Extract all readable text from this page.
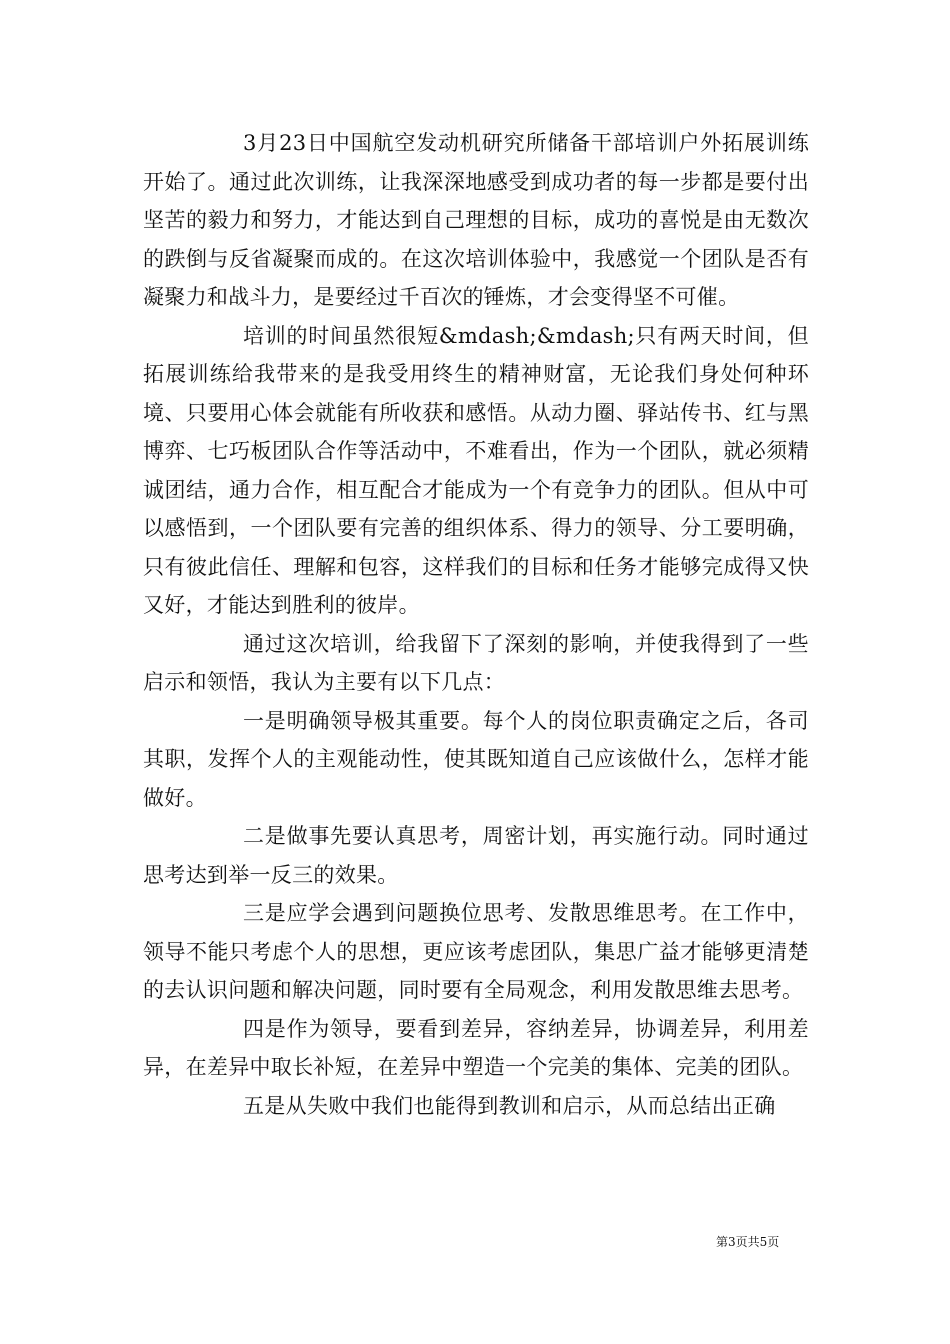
3月23日中国航空发动机研究所储备干部培训户外拓展训练开始了。通过此次训练，让我深深地感受到成功者的每一步都是要付出坚苦的毅力和努力，才能达到自己理想的目标，成功的喜悦是由无数次的跌倒与反省凝聚而成的。在这次培训体验中，我感觉一个团队是否有凝聚力和战斗力，是要经过千百次的锤炼，才会变得坚不可催。

培训的时间虽然很短&mdash;&mdash;只有两天时间，但拓展训练给我带来的是我受用终生的精神财富，无论我们身处何种环境、只要用心体会就能有所收获和感悟。从动力圈、驿站传书、红与黑博弈、七巧板团队合作等活动中，不难看出，作为一个团队，就必须精诚团结，通力合作，相互配合才能成为一个有竞争力的团队。但从中可以感悟到，一个团队要有完善的组织体系、得力的领导、分工要明确，只有彼此信任、理解和包容，这样我们的目标和任务才能够完成得又快又好，才能达到胜利的彼岸。

通过这次培训，给我留下了深刻的影响，并使我得到了一些启示和领悟，我认为主要有以下几点：

一是明确领导极其重要。每个人的岗位职责确定之后，各司其职，发挥个人的主观能动性，使其既知道自己应该做什么，怎样才能做好。

二是做事先要认真思考，周密计划，再实施行动。同时通过思考达到举一反三的效果。

三是应学会遇到问题换位思考、发散思维思考。在工作中，领导不能只考虑个人的思想，更应该考虑团队，集思广益才能够更清楚的去认识问题和解决问题，同时要有全局观念，利用发散思维去思考。

四是作为领导，要看到差异，容纳差异，协调差异，利用差异，在差异中取长补短，在差异中塑造一个完美的集体、完美的团队。

五是从失败中我们也能得到教训和启示，从而总结出正确

第3页共5页
